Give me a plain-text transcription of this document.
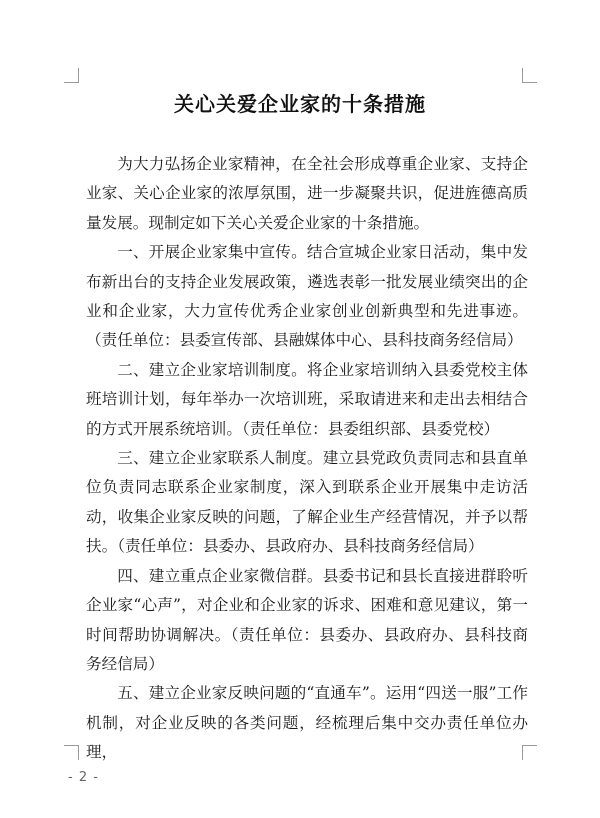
关心关爱企业家的十条措施

为大力弘扬企业家精神，在全社会形成尊重企业家、支持企业家、关心企业家的浓厚氛围，进一步凝聚共识，促进旌德高质量发展。现制定如下关心关爱企业家的十条措施。

一、开展企业家集中宣传。结合宣城企业家日活动，集中发布新出台的支持企业发展政策，遴选表彰一批发展业绩突出的企业和企业家，大力宣传优秀企业家创业创新典型和先进事迹。（责任单位：县委宣传部、县融媒体中心、县科技商务经信局）

二、建立企业家培训制度。将企业家培训纳入县委党校主体班培训计划，每年举办一次培训班，采取请进来和走出去相结合的方式开展系统培训。（责任单位：县委组织部、县委党校）

三、建立企业家联系人制度。建立县党政负责同志和县直单位负责同志联系企业家制度，深入到联系企业开展集中走访活动，收集企业家反映的问题，了解企业生产经营情况，并予以帮扶。（责任单位：县委办、县政府办、县科技商务经信局）

四、建立重点企业家微信群。县委书记和县长直接进群聆听企业家“心声”，对企业和企业家的诉求、困难和意见建议，第一时间帮助协调解决。（责任单位：县委办、县政府办、县科技商务经信局）

五、建立企业家反映问题的“直通车”。运用“四送一服”工作机制，对企业反映的各类问题，经梳理后集中交办责任单位办理，

- 2 -
